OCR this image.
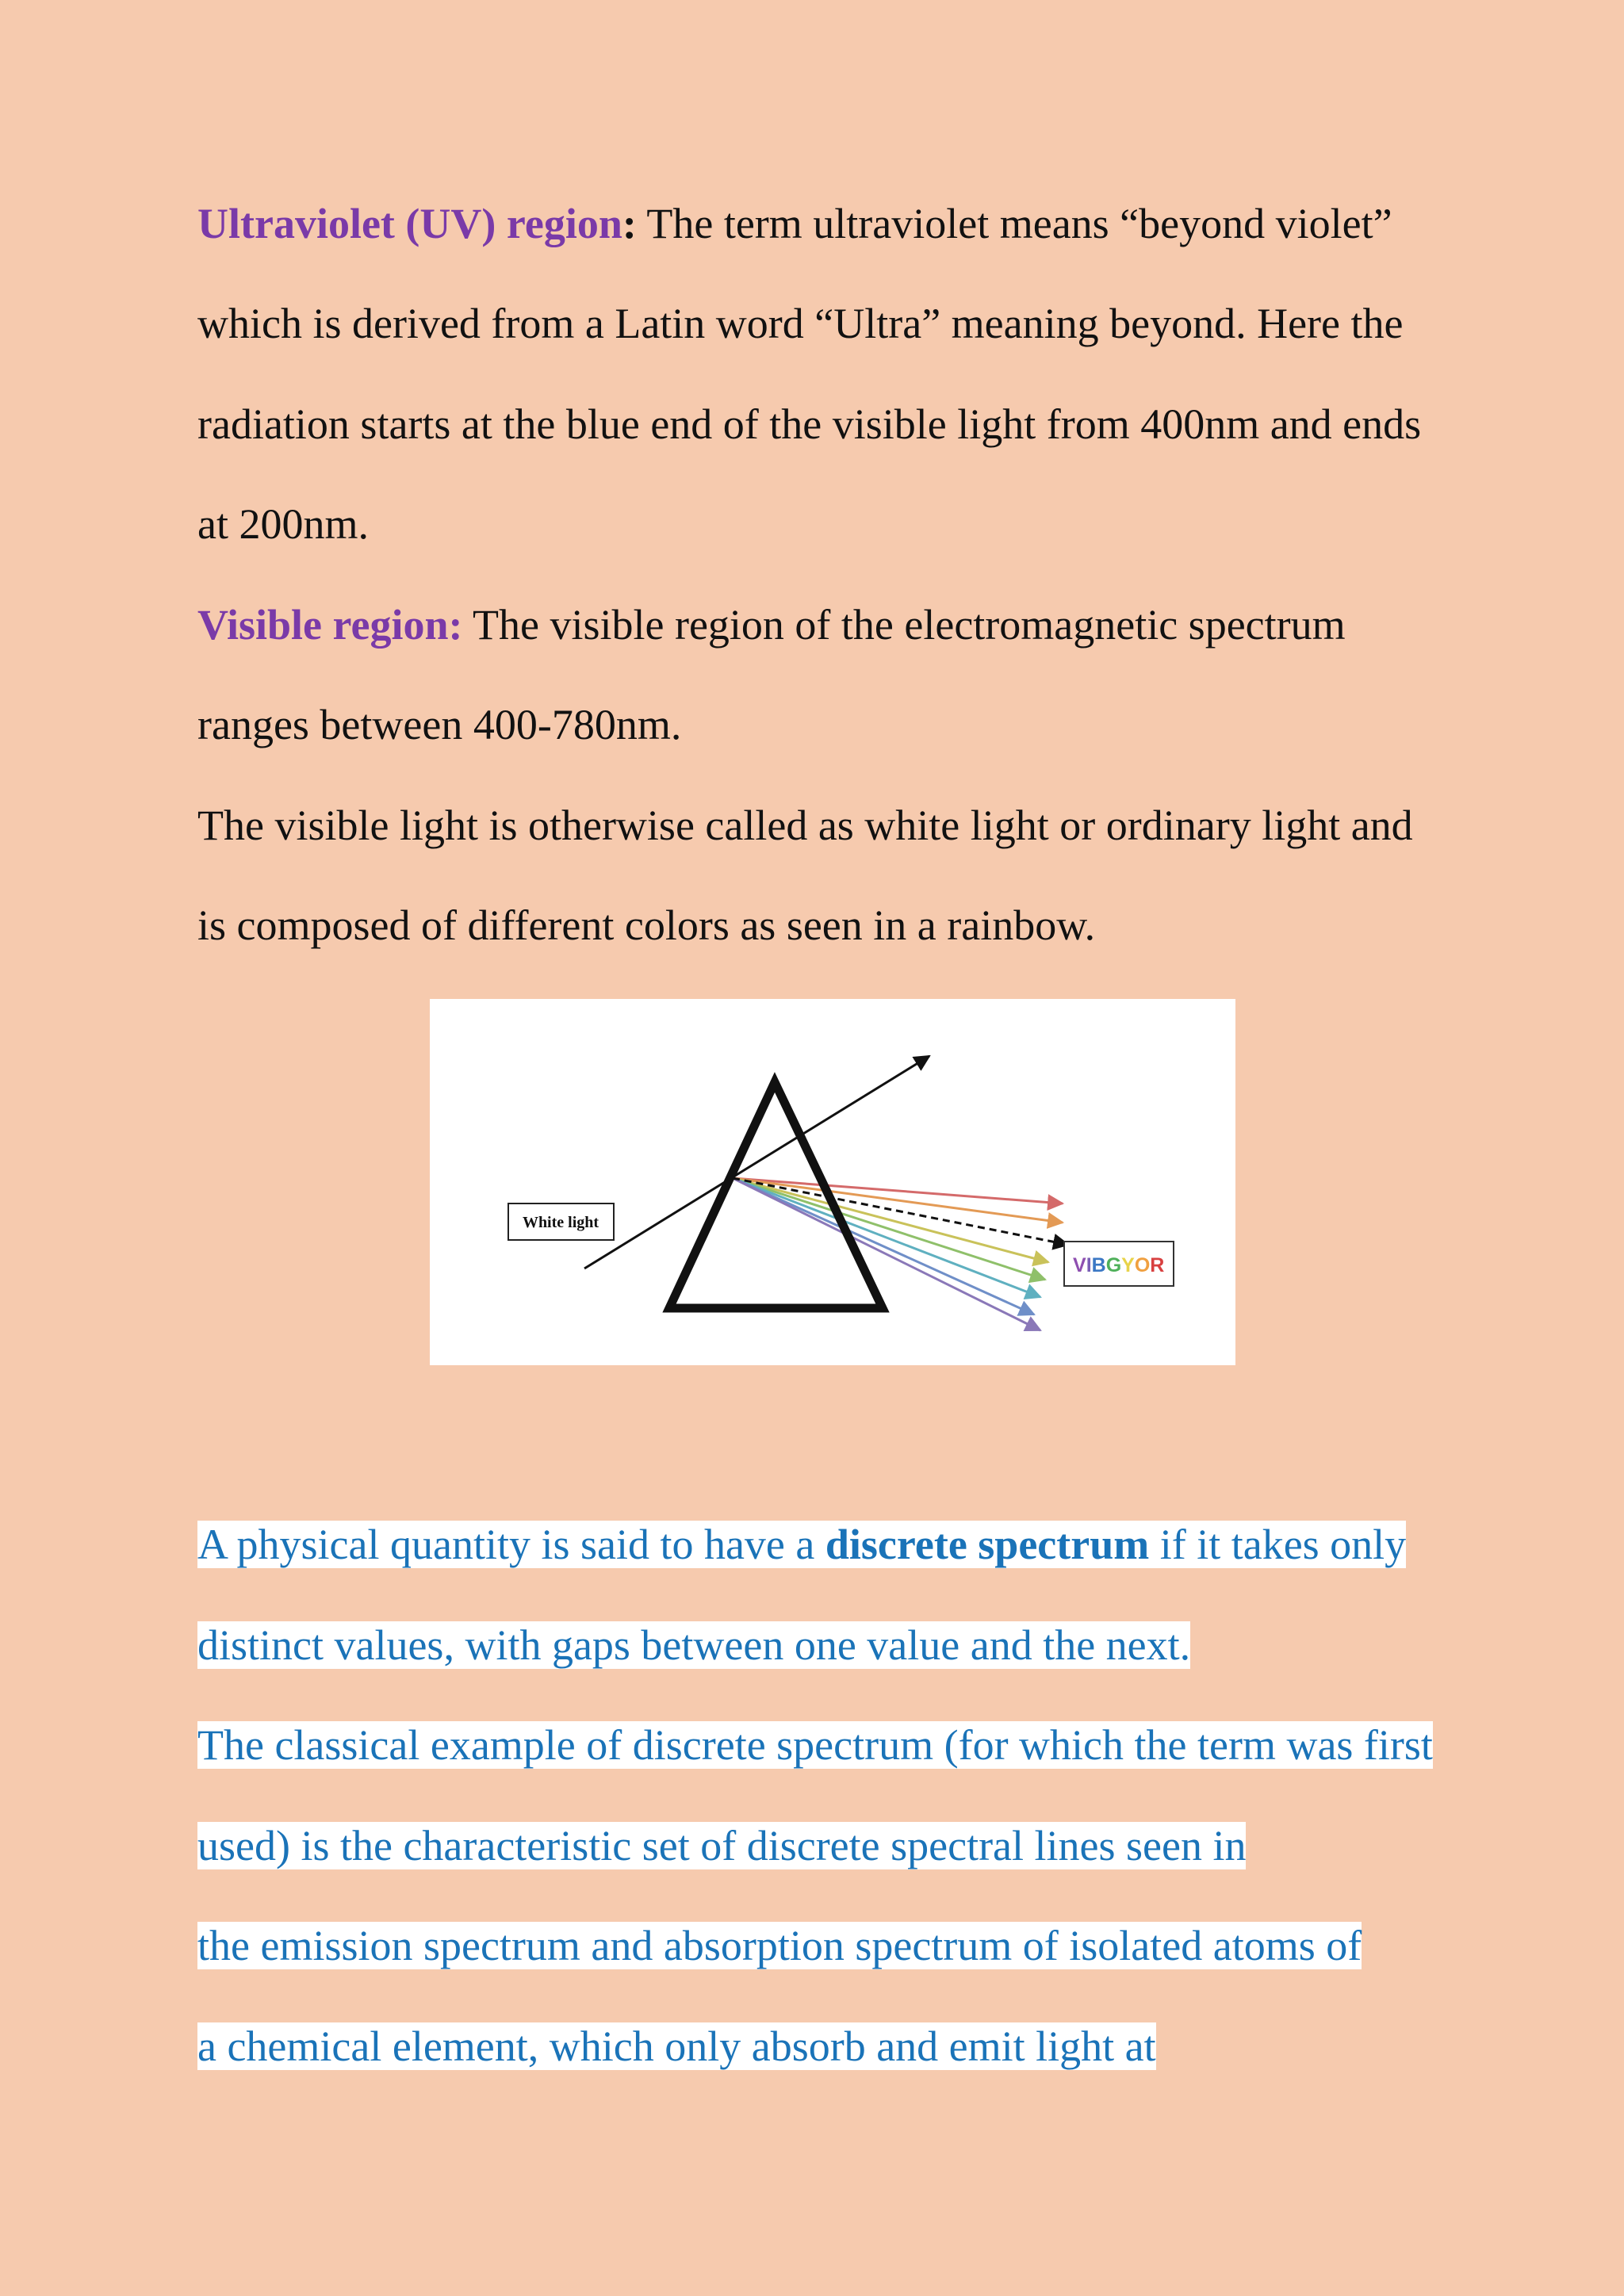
Ultraviolet (UV) region: The term ultraviolet means “beyond violet”
which is derived from a Latin word “Ultra” meaning beyond. Here the
radiation starts at the blue end of the visible light from 400nm and ends
at 200nm.
Visible region: The visible region of the electromagnetic spectrum
ranges between 400-780nm.
The visible light is otherwise called as white light or ordinary light and
is composed of different colors as seen in a rainbow.
A physical quantity is said to have a discrete spectrum if it takes only
distinct values, with gaps between one value and the next.
The classical example of discrete spectrum (for which the term was first
used) is the characteristic set of discrete spectral lines seen in
the emission spectrum and absorption spectrum of isolated atoms of
a chemical element, which only absorb and emit light at
White light
VIBGYOR
